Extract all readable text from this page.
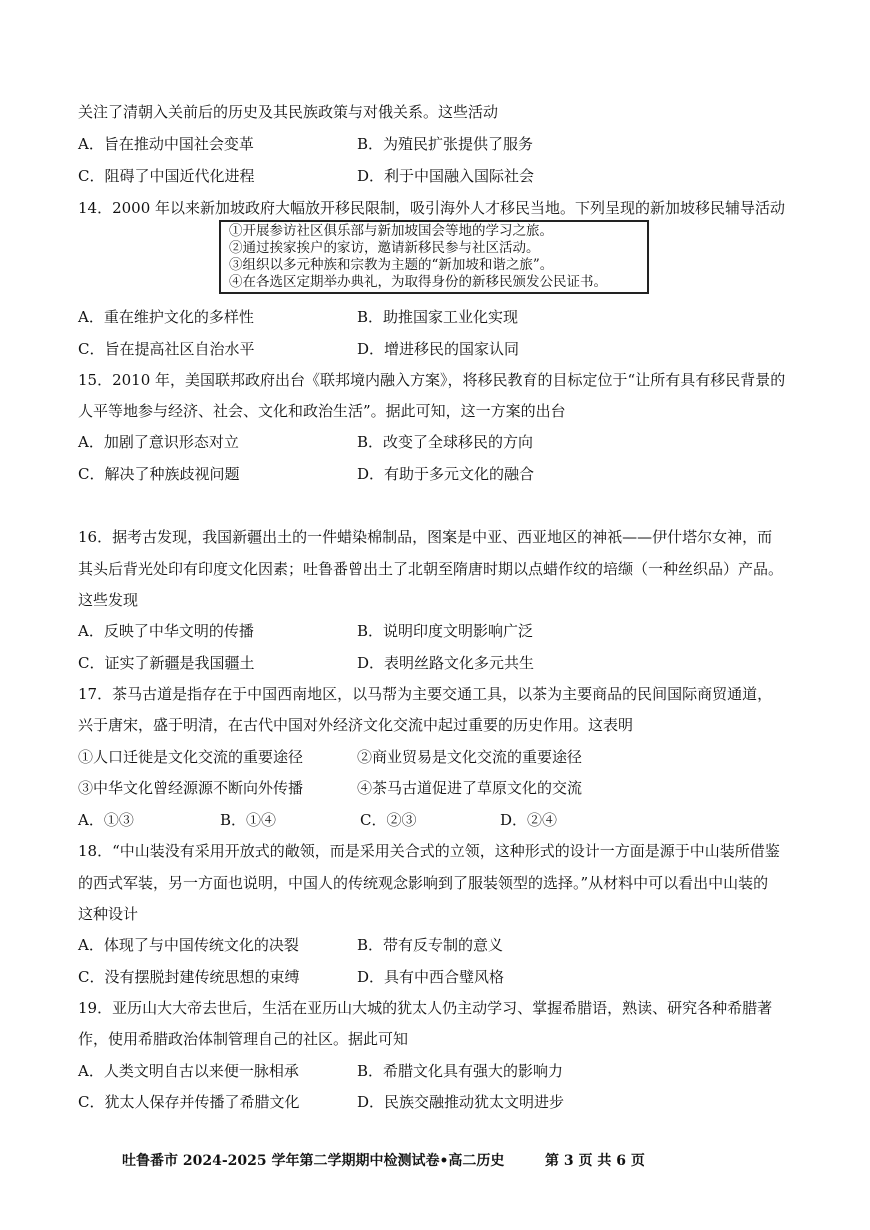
关注了清朝入关前后的历史及其民族政策与对俄关系。这些活动
A．旨在推动中国社会变革	B．为殖民扩张提供了服务
C．阻碍了中国近代化进程	D．利于中国融入国际社会
14．2000 年以来新加坡政府大幅放开移民限制，吸引海外人才移民当地。下列呈现的新加坡移民辅导活动
①开展参访社区俱乐部与新加坡国会等地的学习之旅。
②通过挨家挨户的家访，邀请新移民参与社区活动。
③组织以多元种族和宗教为主题的“新加坡和谐之旅”。
④在各选区定期举办典礼，为取得身份的新移民颁发公民证书。
A．重在维护文化的多样性	B．助推国家工业化实现
C．旨在提高社区自治水平	D．增进移民的国家认同
15．2010 年，美国联邦政府出台《联邦境内融入方案》，将移民教育的目标定位于“让所有具有移民背景的
人平等地参与经济、社会、文化和政治生活”。据此可知，这一方案的出台
A．加剧了意识形态对立	B．改变了全球移民的方向
C．解决了种族歧视问题	D．有助于多元文化的融合
16．据考古发现，我国新疆出土的一件蜡染棉制品，图案是中亚、西亚地区的神祇——伊什塔尔女神，而
其头后背光处印有印度文化因素；吐鲁番曾出土了北朝至隋唐时期以点蜡作纹的培缬（一种丝织品）产品。
这些发现
A．反映了中华文明的传播	B．说明印度文明影响广泛
C．证实了新疆是我国疆土	D．表明丝路文化多元共生
17．茶马古道是指存在于中国西南地区，以马帮为主要交通工具，以茶为主要商品的民间国际商贸通道，
兴于唐宋，盛于明清，在古代中国对外经济文化交流中起过重要的历史作用。这表明
①人口迁徙是文化交流的重要途径	②商业贸易是文化交流的重要途径
③中华文化曾经源源不断向外传播	④茶马古道促进了草原文化的交流
A．①③	B．①④	C．②③	D．②④
18．“中山装没有采用开放式的敞领，而是采用关合式的立领，这种形式的设计一方面是源于中山装所借鉴
的西式军装，另一方面也说明，中国人的传统观念影响到了服装领型的选择。”从材料中可以看出中山装的
这种设计
A．体现了与中国传统文化的决裂	B．带有反专制的意义
C．没有摆脱封建传统思想的束缚	D．具有中西合璧风格
19．亚历山大大帝去世后，生活在亚历山大城的犹太人仍主动学习、掌握希腊语，熟读、研究各种希腊著
作，使用希腊政治体制管理自己的社区。据此可知
A．人类文明自古以来便一脉相承	B．希腊文化具有强大的影响力
C．犹太人保存并传播了希腊文化	D．民族交融推动犹太文明进步
吐鲁番市 2024-2025 学年第二学期期中检测试卷•高二历史	第 3 页 共 6 页
